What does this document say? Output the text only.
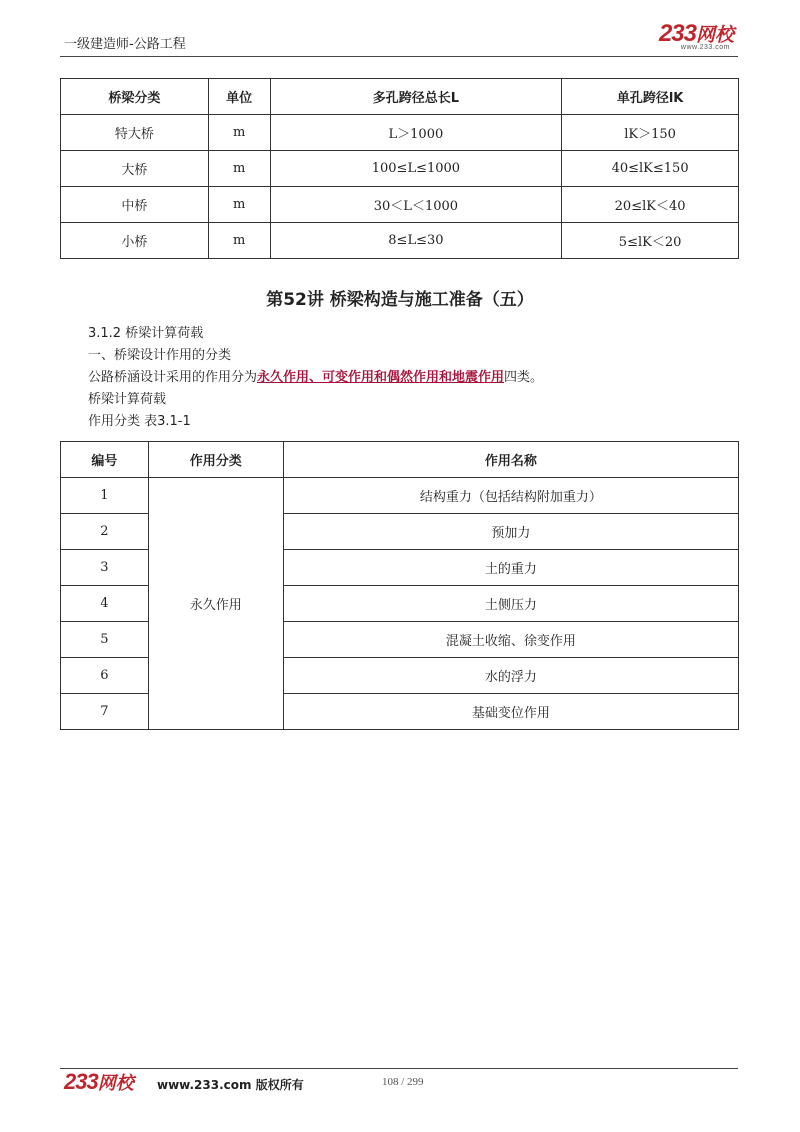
一级建造师-公路工程	233网校
www.233.com
桥梁分类	单位	多孔跨径总长L	单孔跨径lK
特大桥	m	L＞1000	lK＞150
大桥	m	100≤L≤1000	40≤lK≤150
中桥	m	30＜L＜1000	20≤lK＜40
小桥	m	8≤L≤30	5≤lK＜20
第52讲 桥梁构造与施工准备（五）
3.1.2 桥梁计算荷载
一、桥梁设计作用的分类
公路桥涵设计采用的作用分为永久作用、可变作用和偶然作用和地震作用四类。
桥梁计算荷载
作用分类 表3.1-1
编号	作用分类	作用名称
1	永久作用	结构重力（包括结构附加重力）
2		预加力
3		土的重力
4		土侧压力
5		混凝土收缩、徐变作用
6		水的浮力
7		基础变位作用
233网校 www.233.com 版权所有	108 / 299
